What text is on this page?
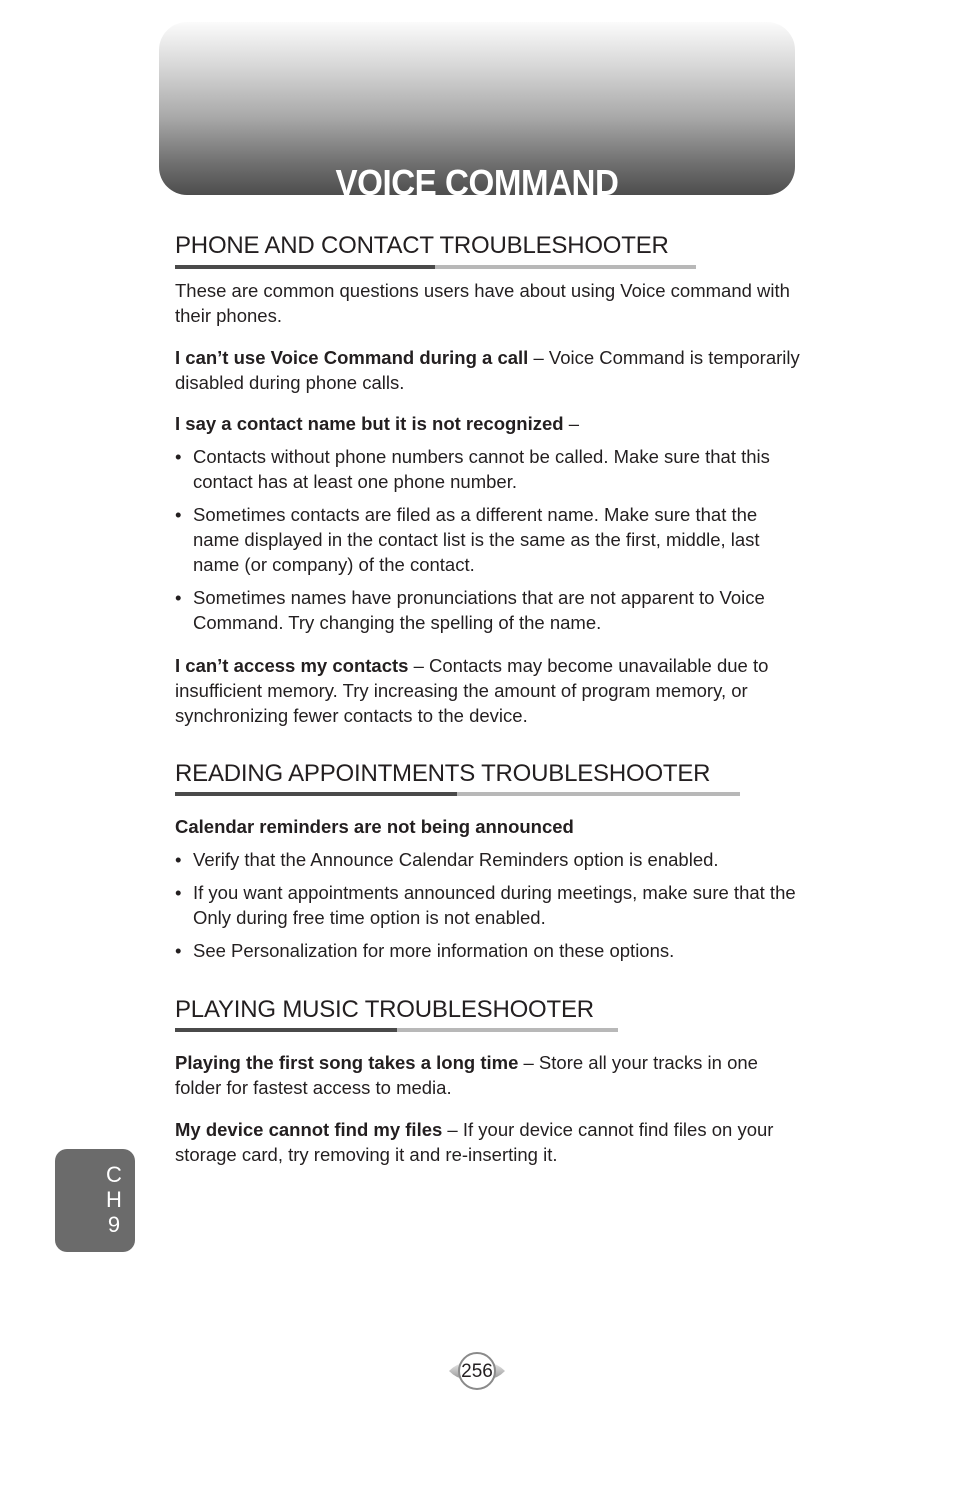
VOICE COMMAND
PHONE AND CONTACT TROUBLESHOOTER
These are common questions users have about using Voice command with their phones.
I can’t use Voice Command during a call – Voice Command is temporarily disabled during phone calls.
I say a contact name but it is not recognized –
• Contacts without phone numbers cannot be called. Make sure that this contact has at least one phone number.
• Sometimes contacts are filed as a different name. Make sure that the name displayed in the contact list is the same as the first, middle, last name (or company) of the contact.
• Sometimes names have pronunciations that are not apparent to Voice Command. Try changing the spelling of the name.
I can’t access my contacts – Contacts may become unavailable due to insufficient memory. Try increasing the amount of program memory, or synchronizing fewer contacts to the device.
READING APPOINTMENTS TROUBLESHOOTER
Calendar reminders are not being announced
• Verify that the Announce Calendar Reminders option is enabled.
• If you want appointments announced during meetings, make sure that the Only during free time option is not enabled.
• See Personalization for more information on these options.
PLAYING MUSIC TROUBLESHOOTER
Playing the first song takes a long time – Store all your tracks in one folder for fastest access to media.
My device cannot find my files – If your device cannot find files on your storage card, try removing it and re-inserting it.
C
H
9
256
